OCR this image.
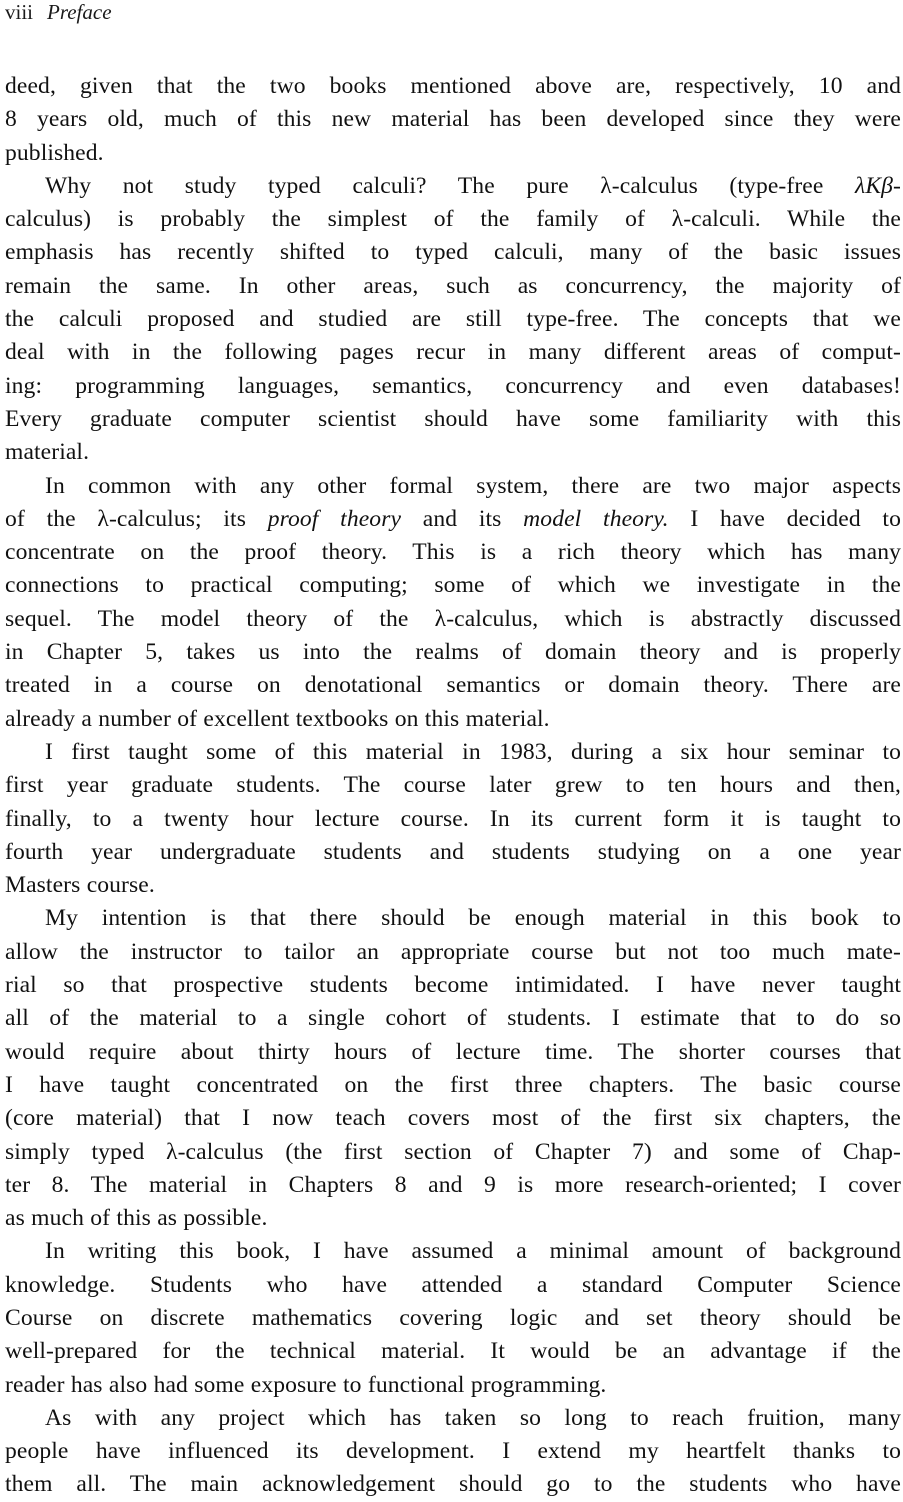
viii Preface
deed, given that the two books mentioned above are, respectively, 10 and
8 years old, much of this new material has been developed since they were
published.
Why not study typed calculi? The pure λ-calculus (type-free λKβ-
calculus) is probably the simplest of the family of λ-calculi. While the
emphasis has recently shifted to typed calculi, many of the basic issues
remain the same. In other areas, such as concurrency, the majority of
the calculi proposed and studied are still type-free. The concepts that we
deal with in the following pages recur in many different areas of comput-
ing: programming languages, semantics, concurrency and even databases!
Every graduate computer scientist should have some familiarity with this
material.
In common with any other formal system, there are two major aspects
of the λ-calculus; its proof theory and its model theory. I have decided to
concentrate on the proof theory. This is a rich theory which has many
connections to practical computing; some of which we investigate in the
sequel. The model theory of the λ-calculus, which is abstractly discussed
in Chapter 5, takes us into the realms of domain theory and is properly
treated in a course on denotational semantics or domain theory. There are
already a number of excellent textbooks on this material.
I first taught some of this material in 1983, during a six hour seminar to
first year graduate students. The course later grew to ten hours and then,
finally, to a twenty hour lecture course. In its current form it is taught to
fourth year undergraduate students and students studying on a one year
Masters course.
My intention is that there should be enough material in this book to
allow the instructor to tailor an appropriate course but not too much mate-
rial so that prospective students become intimidated. I have never taught
all of the material to a single cohort of students. I estimate that to do so
would require about thirty hours of lecture time. The shorter courses that
I have taught concentrated on the first three chapters. The basic course
(core material) that I now teach covers most of the first six chapters, the
simply typed λ-calculus (the first section of Chapter 7) and some of Chap-
ter 8. The material in Chapters 8 and 9 is more research-oriented; I cover
as much of this as possible.
In writing this book, I have assumed a minimal amount of background
knowledge. Students who have attended a standard Computer Science
Course on discrete mathematics covering logic and set theory should be
well-prepared for the technical material. It would be an advantage if the
reader has also had some exposure to functional programming.
As with any project which has taken so long to reach fruition, many
people have influenced its development. I extend my heartfelt thanks to
them all. The main acknowledgement should go to the students who have
